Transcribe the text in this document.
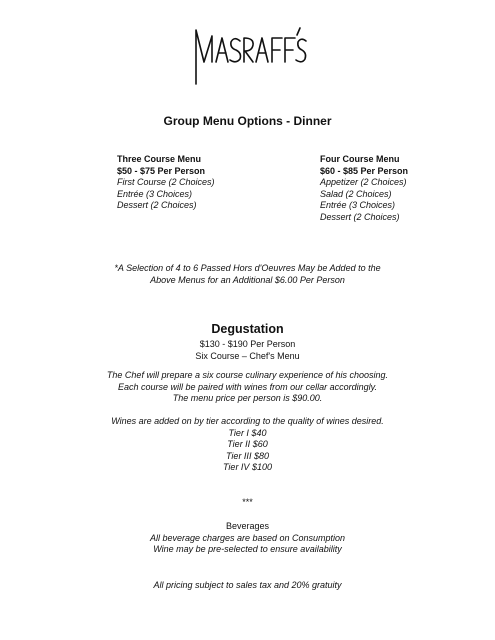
Group Menu Options - Dinner
Three Course Menu
$50 - $75 Per Person
First Course (2 Choices)
Entrée (3 Choices)
Dessert (2 Choices)
Four Course Menu
$60 - $85 Per Person
Appetizer (2 Choices)
Salad (2 Choices)
Entrée (3 Choices)
Dessert (2 Choices)
*A Selection of 4 to 6 Passed Hors d'Oeuvres May be Added to the
Above Menus for an Additional $6.00 Per Person
Degustation
$130 - $190 Per Person
Six Course – Chef's Menu
The Chef will prepare a six course culinary experience of his choosing.
Each course will be paired with wines from our cellar accordingly.
The menu price per person is $90.00.
Wines are added on by tier according to the quality of wines desired.
Tier I $40
Tier II $60
Tier III $80
Tier IV $100
***
Beverages
All beverage charges are based on Consumption
Wine may be pre-selected to ensure availability
All pricing subject to sales tax and 20% gratuity
